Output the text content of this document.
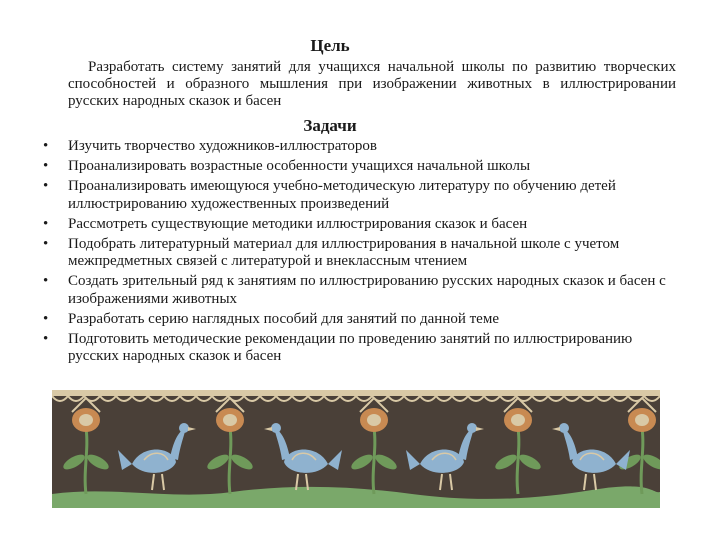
Цель

Разработать систему занятий для учащихся начальной школы по развитию творческих способностей и образного мышления при изображении животных в иллюстрировании русских народных сказок и басен

Задачи
• Изучить творчество художников-иллюстраторов
• Проанализировать возрастные особенности учащихся начальной школы
• Проанализировать имеющуюся учебно-методическую литературу по обучению детей иллюстрированию художественных произведений
• Рассмотреть существующие методики иллюстрирования сказок и басен
• Подобрать литературный материал для иллюстрирования в начальной школе с учетом межпредметных связей с литературой и внеклассным чтением
• Создать зрительный ряд к занятиям по иллюстрированию русских народных сказок и басен с изображениями животных
• Разработать серию наглядных пособий для занятий по данной теме
• Подготовить методические рекомендации по проведению занятий по иллюстрированию русских народных сказок и басен
